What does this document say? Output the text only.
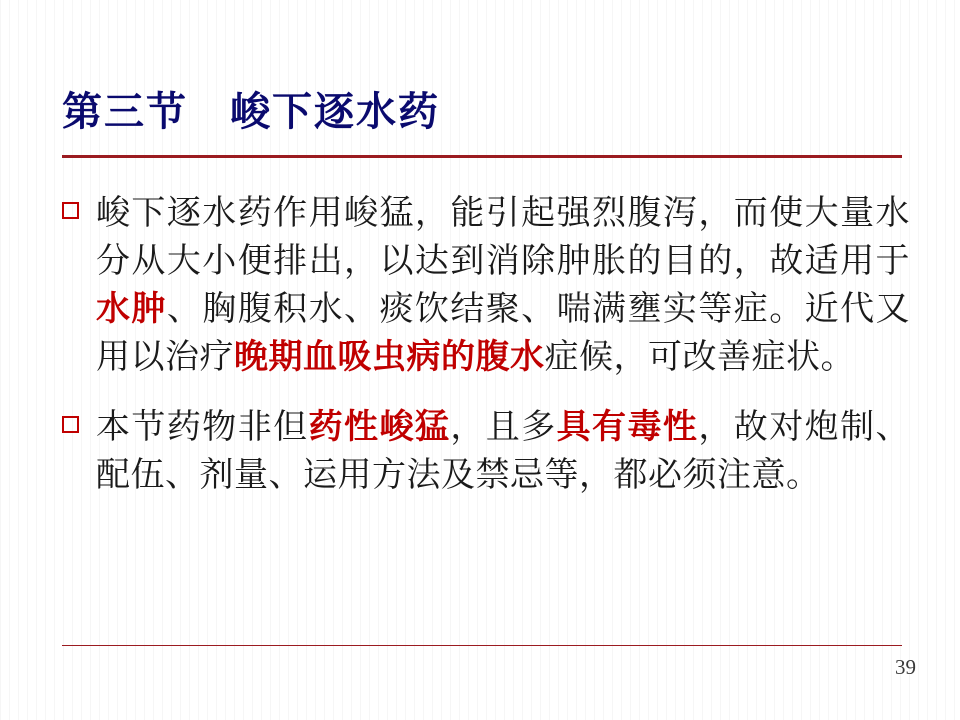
第三节　峻下逐水药
峻下逐水药作用峻猛，能引起强烈腹泻，而使大量水分从大小便排出，以达到消除肿胀的目的，故适用于水肿、胸腹积水、痰饮结聚、喘满壅实等症。近代又用以治疗晚期血吸虫病的腹水症候，可改善症状。
本节药物非但药性峻猛，且多具有毒性，故对炮制、配伍、剂量、运用方法及禁忌等，都必须注意。
39
